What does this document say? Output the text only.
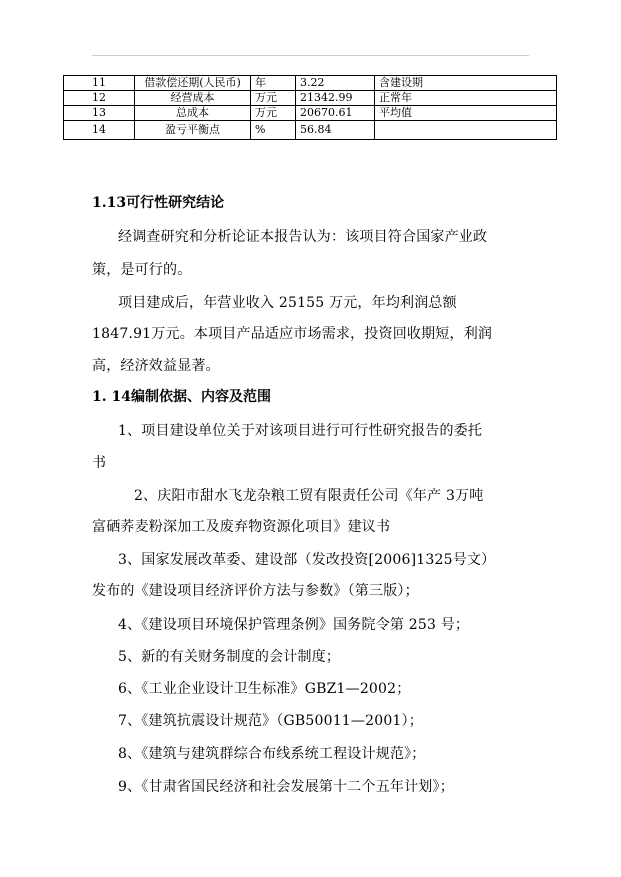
11	借款偿还期(人民币)	年	3.22	含建设期
12	经营成本	万元	21342.99	正常年
13	总成本	万元	20670.61	平均值
14	盈亏平衡点	%	56.84	
1.13可行性研究结论
经调查研究和分析论证本报告认为：该项目符合国家产业政
策，是可行的。
项目建成后，年营业收入 25155 万元，年均利润总额
1847.91万元。本项目产品适应市场需求，投资回收期短，利润
高，经济效益显著。
1. 14编制依据、内容及范围
1、项目建设单位关于对该项目进行可行性研究报告的委托
书
2、庆阳市甜水飞龙杂粮工贸有限责任公司《年产 3万吨
富硒荞麦粉深加工及废弃物资源化项目》建议书
3、国家发展改革委、建设部（发改投资[2006]1325号文）
发布的《建设项目经济评价方法与参数》（第三版）；
4、《建设项目环境保护管理条例》国务院令第 253 号；
5、新的有关财务制度的会计制度；
6、《工业企业设计卫生标准》GBZ1—2002；
7、《建筑抗震设计规范》（GB50011—2001）；
8、《建筑与建筑群综合布线系统工程设计规范》；
9、《甘肃省国民经济和社会发展第十二个五年计划》；
